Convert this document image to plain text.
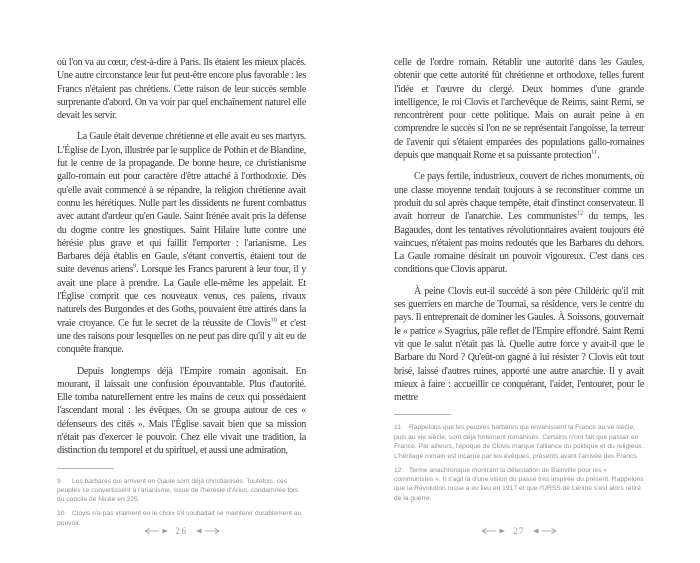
où l'on va au cœur, c'est-à-dire à Paris. Ils étaient les mieux placés. Une autre circonstance leur fut peut-être encore plus favorable : les Francs n'étaient pas chrétiens. Cette raison de leur succès semble surprenante d'abord. On va voir par quel enchaînement naturel elle devait les servir.

La Gaule était devenue chrétienne et elle avait eu ses martyrs. L'Église de Lyon, illustrée par le supplice de Pothin et de Blandine, fut le centre de la propagande. De bonne heure, ce christianisme gallo-romain eut pour caractère d'être attaché à l'orthodoxie. Dès qu'elle avait commencé à se répandre, la religion chrétienne avait connu les hérétiques. Nulle part les dissidents ne furent combattus avec autant d'ardeur qu'en Gaule. Saint Irénée avait pris la défense du dogme contre les gnostiques. Saint Hilaire lutte contre une hérésie plus grave et qui faillit l'emporter : l'arianisme. Les Barbares déjà établis en Gaule, s'étant convertis, étaient tout de suite devenus ariens$^9$. Lorsque les Francs parurent à leur tour, il y avait une place à prendre. La Gaule elle-même les appelait. Et l'Église comprit que ces nouveaux venus, ces païens, rivaux naturels des Burgondes et des Goths, pouvaient être attirés dans la vraie croyance. Ce fut le secret de la réussite de Clovis$^{10}$ et c'est une des raisons pour lesquelles on ne peut pas dire qu'il y ait eu de conquête franque.

Depuis longtemps déjà l'Empire romain agonisait. En mourant, il laissait une confusion épouvantable. Plus d'autorité. Elle tomba naturellement entre les mains de ceux qui possédaient l'ascendant moral : les évêques. On se groupa autour de ces « défenseurs des cités ». Mais l'Église savait bien que sa mission n'était pas d'exercer le pouvoir. Chez elle vivait une tradition, la distinction du temporel et du spirituel, et aussi une admiration,

9 Les barbares qui arrivent en Gaule sont déjà christianisés. Toutefois, ces peuples se convertissent à l'arianisme, issue de l'hérésie d'Arius, condamnée lors du concile de Nicée en 325.

10 Clovis n'a pas vraiment eu le choix s'il souhaitait se maintenir durablement au pouvoir.

26

celle de l'ordre romain. Rétablir une autorité dans les Gaules, obtenir que cette autorité fût chrétienne et orthodoxe, telles furent l'idée et l'œuvre du clergé. Deux hommes d'une grande intelligence, le roi Clovis et l'archevêque de Reims, saint Remi, se rencontrèrent pour cette politique. Mais on aurait peine à en comprendre le succès si l'on ne se représentait l'angoisse, la terreur de l'avenir qui s'étaient emparées des populations gallo-romaines depuis que manquait Rome et sa puissante protection$^{11}$.

Ce pays fertile, industrieux, couvert de riches monuments, où une classe moyenne tendait toujours à se reconstituer comme un produit du sol après chaque tempête, était d'instinct conservateur. Il avait horreur de l'anarchie. Les communistes$^{12}$ du temps, les Bagaudes, dont les tentatives révolutionnaires avaient toujours été vaincues, n'étaient pas moins redoutés que les Barbares du dehors. La Gaule romaine désirait un pouvoir vigoureux. C'est dans ces conditions que Clovis apparut.

À peine Clovis eut-il succédé à son père Childéric qu'il mit ses guerriers en marche de Tournai, sa résidence, vers le centre du pays. Il entreprenait de dominer les Gaules. À Soissons, gouvernait le « patrice » Syagrius, pâle reflet de l'Empire effondré. Saint Remi vit que le salut n'était pas là. Quelle autre force y avait-il que le Barbare du Nord ? Qu'eût-on gagné à lui résister ? Clovis eût tout brisé, laissé d'autres ruines, apporté une autre anarchie. Il y avait mieux à faire : accueillir ce conquérant, l'aider, l'entourer, pour le mettre

11 Rappelons que les peuples barbares qui envahissent la France au ve siècle, puis au vie siècle, sont déjà fortement romanisés. Certains n'ont fait que passer en France. Par ailleurs, l'époque de Clovis marque l'alliance du politique et du religieux. L'héritage romain est incarné par les évêques, présents avant l'arrivée des Francs.

12 Terme anachronique montrant la détestation de Bainville pour les « communistes ». Il s'agit là d'une vision du passé très inspirée du présent. Rappelons que la Révolution russe a eu lieu en 1917 et que l'URSS de Lénine s'est alors retiré de la guerre.

27
